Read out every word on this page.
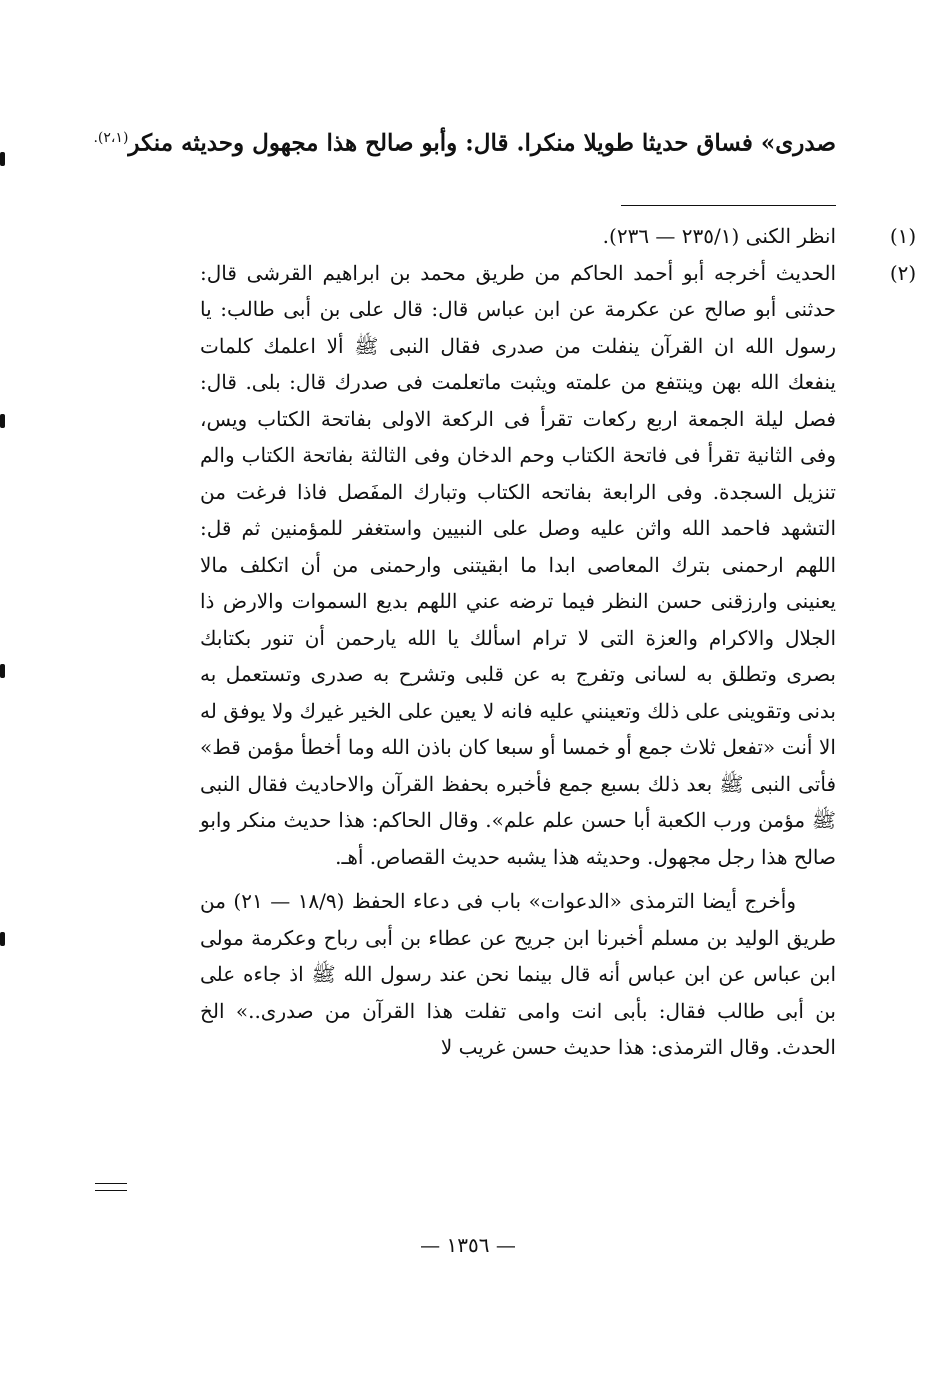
صدرى» فساق حديثا طويلا منكرا. قال: وأبو صالح هذا مجهول وحديثه منكر$^{(٢،١).}$

(١)

انظر الكنى (٢٣٥/١ — ٢٣٦).

(٢)

الحديث أخرجه أبو أحمد الحاكم من طريق محمد بن ابراهيم القرشى قال: حدثنى أبو صالح عن عكرمة عن ابن عباس قال: قال على بن أبى طالب: يا رسول الله ان القرآن ينفلت من صدرى فقال النبى ﷺ ألا اعلمك كلمات ينفعك الله بهن وينتفع من علمته ويثبت ماتعلمت فى صدرك قال: بلى. قال: فصل ليلة الجمعة اربع ركعات تقرأ فى الركعة الاولى بفاتحة الكتاب ويس، وفى الثانية تقرأ فى فاتحة الكتاب وحم الدخان وفى الثالثة بفاتحة الكتاب والم تنزيل السجدة. وفى الرابعة بفاتحه الكتاب وتبارك المفَصل فاذا فرغت من التشهد فاحمد الله واثن عليه وصل على النبيين واستغفر للمؤمنين ثم قل: اللهم ارحمنى بترك المعاصى ابدا ما ابقيتنى وارحمنى من أن اتكلف مالا يعنينى وارزقنى حسن النظر فيما ترضه عني اللهم بديع السموات والارض ذا الجلال والاكرام والعزة التى لا ترام اسألك يا الله يارحمن أن تنور بكتابك بصرى وتطلق به لسانى وتفرج به عن قلبى وتشرح به صدرى وتستعمل به بدنى وتقوينى على ذلك وتعينني عليه فانه لا يعين على الخير غيرك ولا يوفق له الا أنت «تفعل ثلاث جمع أو خمسا أو سبعا كان باذن الله وما أخطأ مؤمن قط» فأتى النبى ﷺ بعد ذلك بسبع جمع فأخبره بحفظ القرآن والاحاديث فقال النبى ﷺ مؤمن ورب الكعبة أبا حسن علم علم». وقال الحاكم: هذا حديث منكر وابو صالح هذا رجل مجهول. وحديثه هذا يشبه حديث القصاص. أهـ.

وأخرج أيضا الترمذى «الدعوات» باب فى دعاء الحفظ (١٨/٩ — ٢١) من طريق الوليد بن مسلم أخبرنا ابن جريح عن عطاء بن أبى رباح وعكرمة مولى ابن عباس عن ابن عباس أنه قال بينما نحن عند رسول الله ﷺ اذ جاءه على بن أبى طالب فقال: بأبى انت وامى تفلت هذا القرآن من صدرى..» الخ الحدث. وقال الترمذى: هذا حديث حسن غريب لا

— ١٣٥٦ —
